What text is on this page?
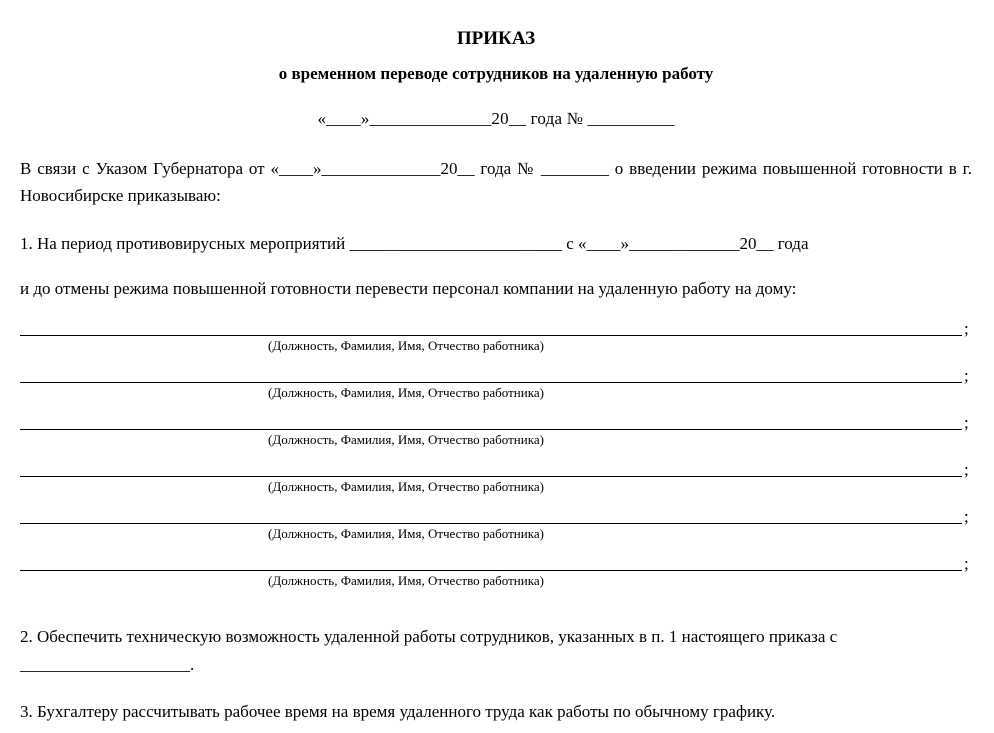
ПРИКАЗ
о временном переводе сотрудников на удаленную работу
«____»______________20__ года № __________
В связи с Указом Губернатора от «____»______________20__ года № ________ о введении режима повышенной готовности в г. Новосибирске приказываю:
1. На период противовирусных мероприятий _________________________ с «____»_____________20__ года
и до отмены режима повышенной готовности перевести персонал компании на удаленную работу на дому:
;
(Должность, Фамилия, Имя, Отчество работника)
;
(Должность, Фамилия, Имя, Отчество работника)
;
(Должность, Фамилия, Имя, Отчество работника)
;
(Должность, Фамилия, Имя, Отчество работника)
;
(Должность, Фамилия, Имя, Отчество работника)
;
(Должность, Фамилия, Имя, Отчество работника)
2. Обеспечить техническую возможность удаленной работы сотрудников, указанных в п. 1 настоящего приказа с ____________________.
3. Бухгалтеру рассчитывать рабочее время на время удаленного труда как работы по обычному графику.
